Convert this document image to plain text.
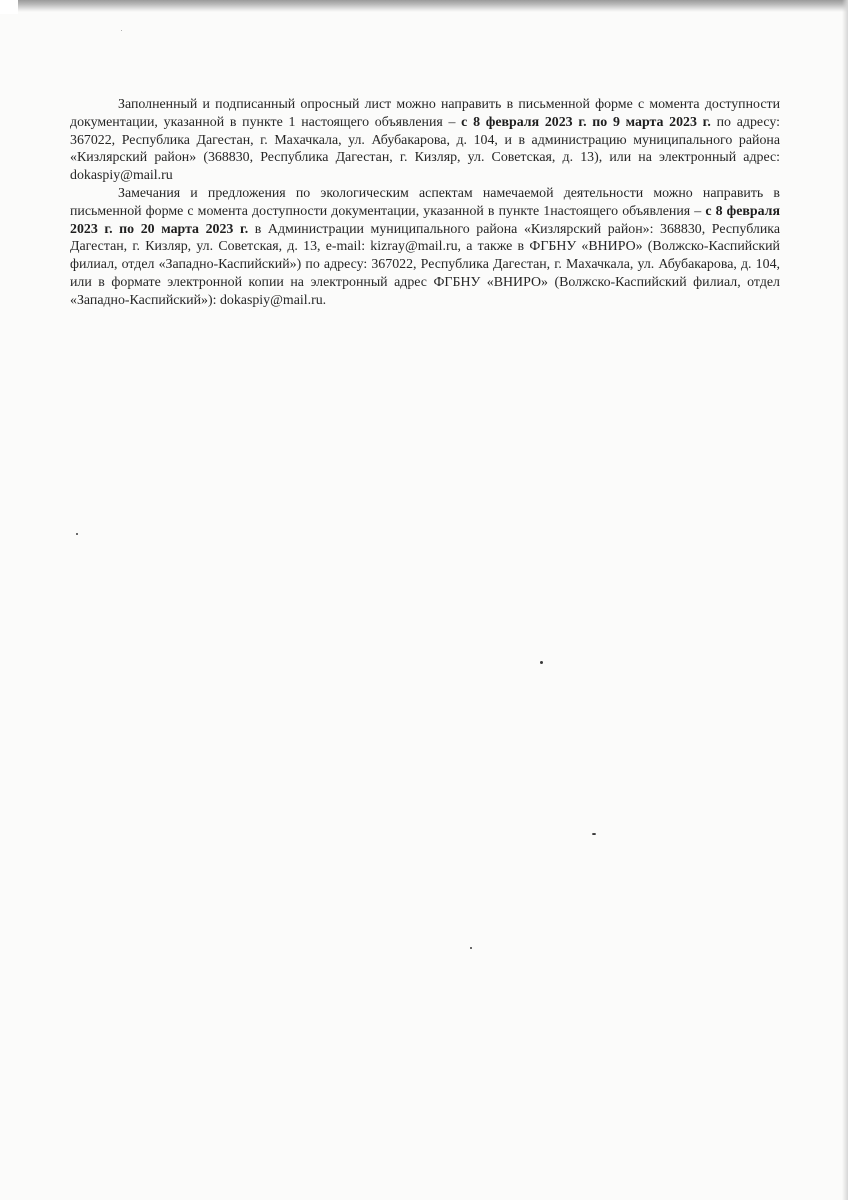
Заполненный и подписанный опросный лист можно направить в письменной форме с момента доступности документации, указанной в пункте 1 настоящего объявления – с 8 февраля 2023 г. по 9 марта 2023 г. по адресу: 367022, Республика Дагестан, г. Махачкала, ул. Абубакарова, д. 104, и в администрацию муниципального района «Кизлярский район» (368830, Республика Дагестан, г. Кизляр, ул. Советская, д. 13), или на электронный адрес: dokaspiy@mail.ru

Замечания и предложения по экологическим аспектам намечаемой деятельности можно направить в письменной форме с момента доступности документации, указанной в пункте 1настоящего объявления – с 8 февраля 2023 г. по 20 марта 2023 г. в Администрации муниципального района «Кизлярский район»: 368830, Республика Дагестан, г. Кизляр, ул. Советская, д. 13, e-mail: kizray@mail.ru, а также в ФГБНУ «ВНИРО» (Волжско-Каспийский филиал, отдел «Западно-Каспийский») по адресу: 367022, Республика Дагестан, г. Махачкала, ул. Абубакарова, д. 104, или в формате электронной копии на электронный адрес ФГБНУ «ВНИРО» (Волжско-Каспийский филиал, отдел «Западно-Каспийский»): dokaspiy@mail.ru.
